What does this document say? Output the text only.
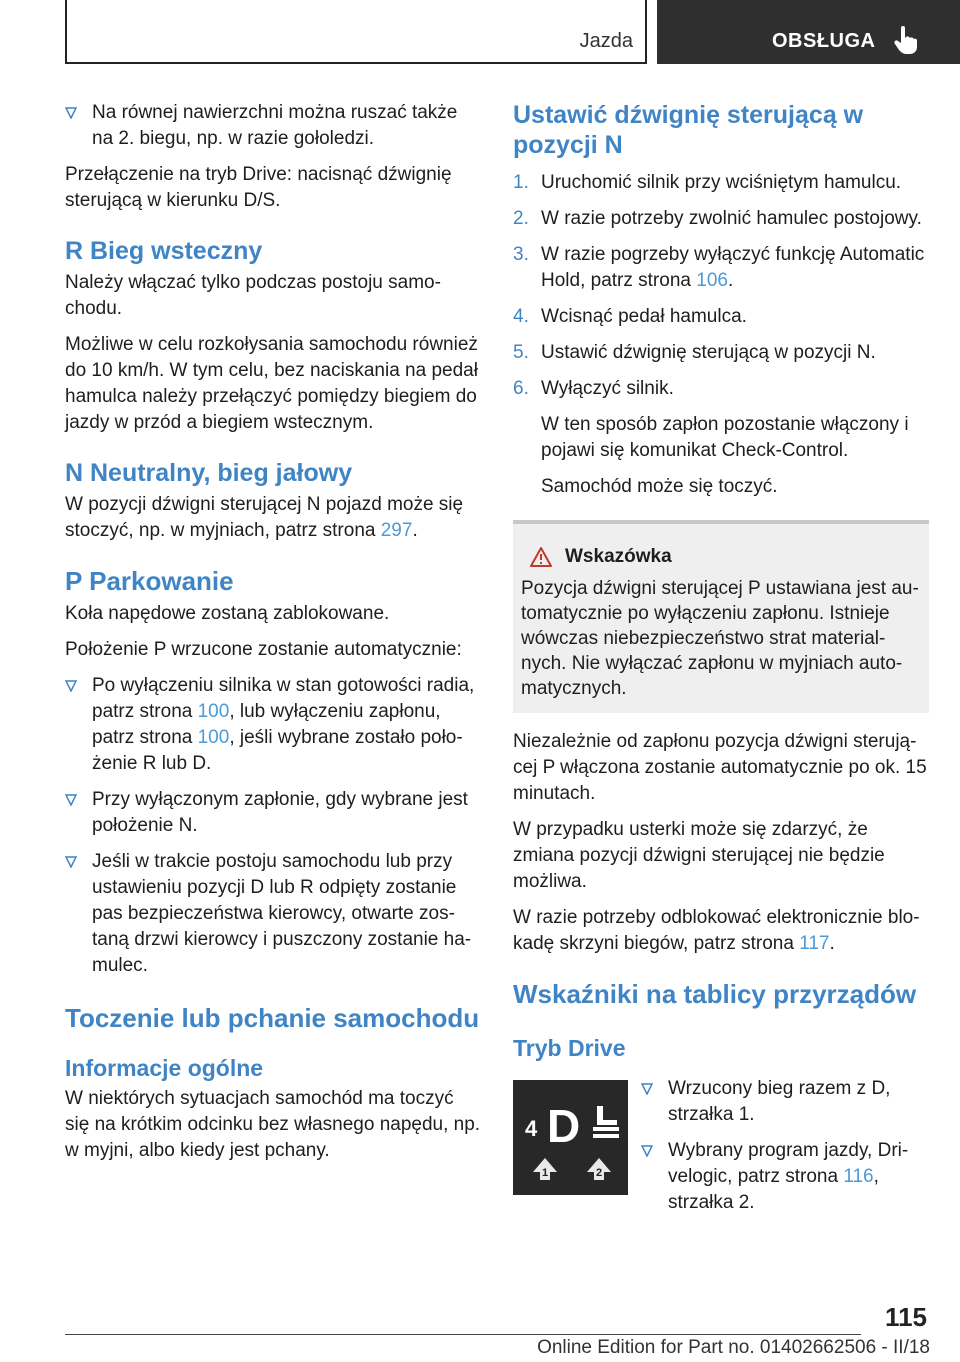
Jazda	OBSŁUGA
Na równej nawierzchni można ruszać także na 2. biegu, np. w razie gołoledzi.

Przełączenie na tryb Drive: nacisnąć dźwignię sterującą w kierunku D/S.

R Bieg wsteczny

Należy włączać tylko podczas postoju samo-chodu.

Możliwe w celu rozkołysania samochodu również do 10 km/h. W tym celu, bez naciskania na pedał hamulca należy przełączyć pomiędzy biegiem do jazdy w przód a biegiem wstecznym.

N Neutralny, bieg jałowy

W pozycji dźwigni sterującej N pojazd może się stoczyć, np. w myjniach, patrz strona 297.

P Parkowanie

Koła napędowe zostaną zablokowane.

Położenie P wrzucone zostanie automatycznie:

Po wyłączeniu silnika w stan gotowości radia, patrz strona 100, lub wyłączeniu zapłonu, patrz strona 100, jeśli wybrane zostało poło-żenie R lub D.
Przy wyłączonym zapłonie, gdy wybrane jest położenie N.
Jeśli w trakcie postoju samochodu lub przy ustawieniu pozycji D lub R odpięty zostanie pas bezpieczeństwa kierowcy, otwarte zos-taną drzwi kierowcy i puszczony zostanie ha-mulec.
Toczenie lub pchanie samochodu
Informacje ogólne

W niektórych sytuacjach samochód ma toczyć się na krótkim odcinku bez własnego napędu, np. w myjni, albo kiedy jest pchany.

Ustawić dźwignię sterującą w pozycji N
1. Uruchomić silnik przy wciśniętym hamulcu.
2. W razie potrzeby zwolnić hamulec postojowy.
3. W razie pogrzeby wyłączyć funkcję Automatic Hold, patrz strona 106.
4. Wcisnąć pedał hamulca.
5. Ustawić dźwignię sterującą w pozycji N.
6. Wyłączyć silnik.

W ten sposób zapłon pozostanie włączony i pojawi się komunikat Check-Control.

Samochód może się toczyć.

Wskazówka

Pozycja dźwigni sterującej P ustawiana jest au-tomatycznie po wyłączeniu zapłonu. Istnieje wówczas niebezpieczeństwo strat material-nych. Nie wyłączać zapłonu w myjniach auto-matycznych.

Niezależnie od zapłonu pozycja dźwigni sterują-cej P włączona zostanie automatycznie po ok. 15 minutach.

W przypadku usterki może się zdarzyć, że zmiana pozycji dźwigni sterującej nie będzie możliwa.

W razie potrzeby odblokować elektronicznie blo-kadę skrzyni biegów, patrz strona 117.

Wskaźniki na tablicy przyrządów
Tryb Drive
4 D
1	2
Wrzucony bieg razem z D, strzałka 1.
Wybrany program jazdy, Dri-velogic, patrz strona 116, strzałka 2.
115
Online Edition for Part no. 01402662506 - II/18
